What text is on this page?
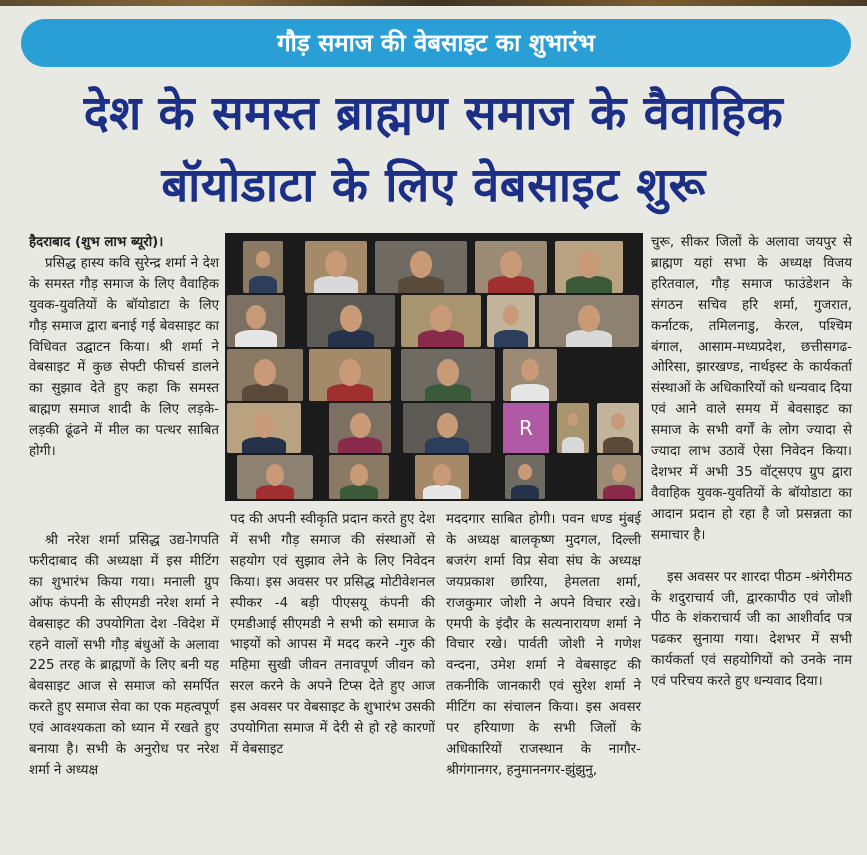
गौड़ समाज की वेबसाइट का शुभारंभ
देश के समस्त ब्राह्मण समाज के वैवाहिक
बॉयोडाटा के लिए वेबसाइट शुरू

हैदराबाद (शुभ लाभ ब्यूरो)।

प्रसिद्ध हास्य कवि सुरेन्द्र शर्मा ने देश के समस्त गौड़ समाज के लिए वैवाहिक युवक-युवतियों के बॉयोडाटा के लिए गौड़ समाज द्वारा बनाई गई बेवसाइट का विधिवत उद्घाटन किया। श्री शर्मा ने वेबसाइट में कुछ सेफ्टी फीचर्स डालने का सुझाव देते हुए कहा कि समस्त बाह्मण समाज शादी के लिए लड़के-लड़की ढूंढने में मील का पत्थर साबित होगी।

श्री नरेश शर्मा प्रसिद्ध उद्य-ोगपति फरीदाबाद की अध्यक्षा में इस मीटिंग का शुभारंभ किया गया। मनाली ग्रुप ऑफ कंपनी के सीएमडी नरेश शर्मा ने वेबसाइट की उपयोगिता देश -विदेश में रहने वालों सभी गौड़ बंधुओं के अलावा 225 तरह के ब्राह्मणों के लिए बनी यह बेवसाइट आज से समाज को समर्पित करते हुए समाज सेवा का एक महत्वपूर्ण एवं आवश्यकता को ध्यान में रखते हुए बनाया है। सभी के अनुरोध पर नरेश शर्मा ने अध्यक्ष

R

पद की अपनी स्वीकृति प्रदान करते हुए देश में सभी गौड़ समाज की संस्थाओं से सहयोग एवं सुझाव लेने के लिए निवेदन किया। इस अवसर पर प्रसिद्ध मोटीवेशनल स्पीकर -4 बड़ी पीएसयू कंपनी की एमडीआई सीएमडी ने सभी को समाज के भाइयों को आपस में मदद करने -गुरु की महिमा सुखी जीवन तनावपूर्ण जीवन को सरल करने के अपने टिप्स देते हुए आज इस अवसर पर वेबसाइट के शुभारंभ उसकी उपयोगिता समाज में देरी से हो रहे कारणों में वेबसाइट

मददगार साबित होगी। पवन धण्ड मुंबई के अध्यक्ष बालकृष्ण मुदगल, दिल्ली बजरंग शर्मा विप्र सेवा संघ के अध्यक्ष जयप्रकाश छारिया, हेमलता शर्मा, राजकुमार जोशी ने अपने विचार रखे। एमपी के इंदौर के सत्यनारायण शर्मा ने विचार रखे। पार्वती जोशी ने गणेश वन्दना, उमेश शर्मा ने वेबसाइट की तकनीकि जानकारी एवं सुरेश शर्मा ने मीटिंग का संचालन किया। इस अवसर पर हरियाणा के सभी जिलों के अधिकारियों राजस्थान के नागौर-श्रीगंगानगर, हनुमाननगर-झुंझुनु,

चुरू, सीकर जिलों के अलावा जयपुर से ब्राह्मण यहां सभा के अध्यक्ष विजय हरितवाल, गौड़ समाज फाउंडेशन के संगठन सचिव हरि शर्मा, गुजरात, कर्नाटक, तमिलनाडु, केरल, पश्चिम बंगाल, आसाम-मध्यप्रदेश, छत्तीसगढ-ओरिसा, झारखण्ड, नार्थइस्ट के कार्यकर्ता संस्थाओं के अधिकारियों को धन्यवाद दिया एवं आने वाले समय में बेवसाइट का समाज के सभी वर्गों के लोग ज्यादा से ज्यादा लाभ उठावें ऐसा निवेदन किया। देशभर में अभी 35 वॉट्सएप ग्रुप द्वारा वैवाहिक युवक-युवतियों के बॉयोडाटा का आदान प्रदान हो रहा है जो प्रसन्नता का समाचार है।

इस अवसर पर शारदा पीठम -श्रंगेरीमठ के शदुराचार्य जी, द्वारकापीठ एवं जोशी पीठ के शंकराचार्य जी का आशीर्वाद पत्र पढकर सुनाया गया। देशभर में सभी कार्यकर्ता एवं सहयोगियों को उनके नाम एवं परिचय करते हुए धन्यवाद दिया।
